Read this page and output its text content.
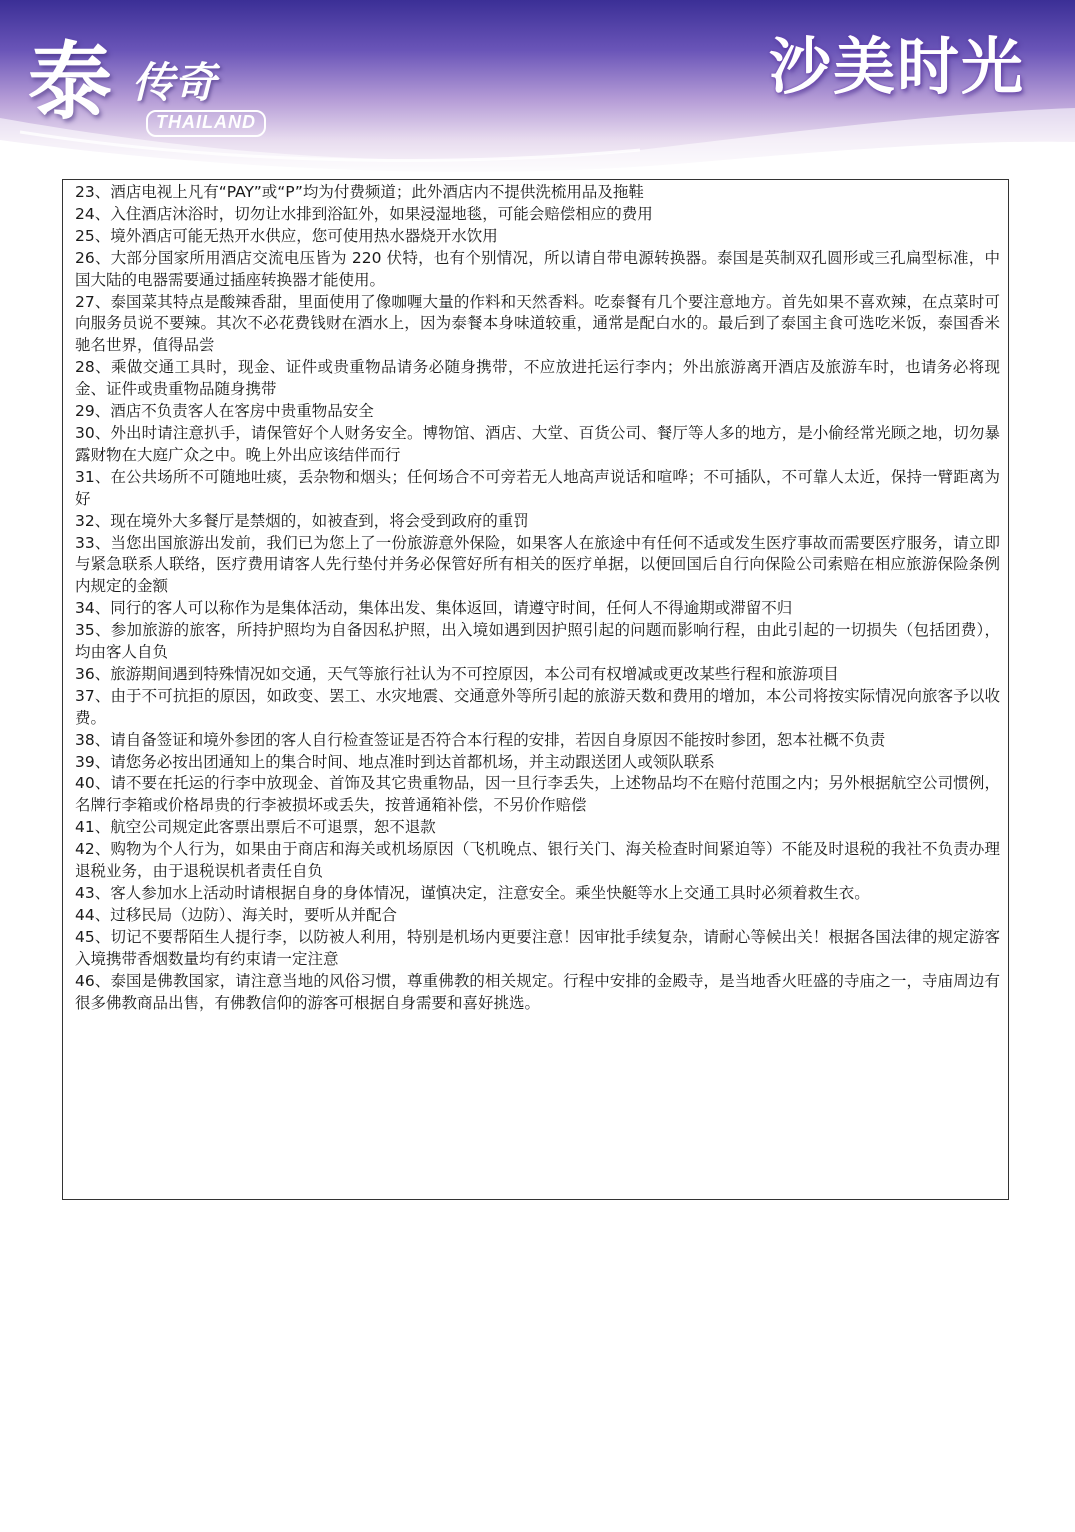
泰 传奇
THAILAND
沙美时光
23、酒店电视上凡有“PAY”或“P”均为付费频道；此外酒店内不提供洗梳用品及拖鞋
24、入住酒店沐浴时，切勿让水排到浴缸外，如果浸湿地毯，可能会赔偿相应的费用
25、境外酒店可能无热开水供应，您可使用热水器烧开水饮用
26、大部分国家所用酒店交流电压皆为 220 伏特，也有个别情况，所以请自带电源转换器。泰国是英制双孔圆形或三孔扁型标准，中国大陆的电器需要通过插座转换器才能使用。
27、泰国菜其特点是酸辣香甜，里面使用了像咖喱大量的作料和天然香料。吃泰餐有几个要注意地方。首先如果不喜欢辣，在点菜时可向服务员说不要辣。其次不必花费钱财在酒水上，因为泰餐本身味道较重，通常是配白水的。最后到了泰国主食可选吃米饭，泰国香米驰名世界，值得品尝
28、乘做交通工具时，现金、证件或贵重物品请务必随身携带，不应放进托运行李内；外出旅游离开酒店及旅游车时，也请务必将现金、证件或贵重物品随身携带
29、酒店不负责客人在客房中贵重物品安全
30、外出时请注意扒手，请保管好个人财务安全。博物馆、酒店、大堂、百货公司、餐厅等人多的地方，是小偷经常光顾之地，切勿暴露财物在大庭广众之中。晚上外出应该结伴而行
31、在公共场所不可随地吐痰，丢杂物和烟头；任何场合不可旁若无人地高声说话和喧哗；不可插队，不可靠人太近，保持一臂距离为好
32、现在境外大多餐厅是禁烟的，如被查到，将会受到政府的重罚
33、当您出国旅游出发前，我们已为您上了一份旅游意外保险，如果客人在旅途中有任何不适或发生医疗事故而需要医疗服务，请立即与紧急联系人联络，医疗费用请客人先行垫付并务必保管好所有相关的医疗单据，以便回国后自行向保险公司索赔在相应旅游保险条例内规定的金额
34、同行的客人可以称作为是集体活动，集体出发、集体返回，请遵守时间，任何人不得逾期或滞留不归
35、参加旅游的旅客，所持护照均为自备因私护照，出入境如遇到因护照引起的问题而影响行程，由此引起的一切损失（包括团费），均由客人自负
36、旅游期间遇到特殊情况如交通，天气等旅行社认为不可控原因，本公司有权增减或更改某些行程和旅游项目
37、由于不可抗拒的原因，如政变、罢工、水灾地震、交通意外等所引起的旅游天数和费用的增加，本公司将按实际情况向旅客予以收费。
38、请自备签证和境外参团的客人自行检查签证是否符合本行程的安排，若因自身原因不能按时参团，恕本社概不负责
39、请您务必按出团通知上的集合时间、地点准时到达首都机场，并主动跟送团人或领队联系
40、请不要在托运的行李中放现金、首饰及其它贵重物品，因一旦行李丢失，上述物品均不在赔付范围之内；另外根据航空公司惯例，名牌行李箱或价格昂贵的行李被损坏或丢失，按普通箱补偿，不另价作赔偿
41、航空公司规定此客票出票后不可退票，恕不退款
42、购物为个人行为，如果由于商店和海关或机场原因（飞机晚点、银行关门、海关检查时间紧迫等）不能及时退税的我社不负责办理退税业务，由于退税误机者责任自负
43、客人参加水上活动时请根据自身的身体情况，谨慎决定，注意安全。乘坐快艇等水上交通工具时必须着救生衣。
44、过移民局（边防）、海关时，要听从并配合
45、切记不要帮陌生人提行李，以防被人利用，特别是机场内更要注意！因审批手续复杂，请耐心等候出关！根据各国法律的规定游客入境携带香烟数量均有约束请一定注意
46、泰国是佛教国家，请注意当地的风俗习惯，尊重佛教的相关规定。行程中安排的金殿寺，是当地香火旺盛的寺庙之一，寺庙周边有很多佛教商品出售，有佛教信仰的游客可根据自身需要和喜好挑选。
